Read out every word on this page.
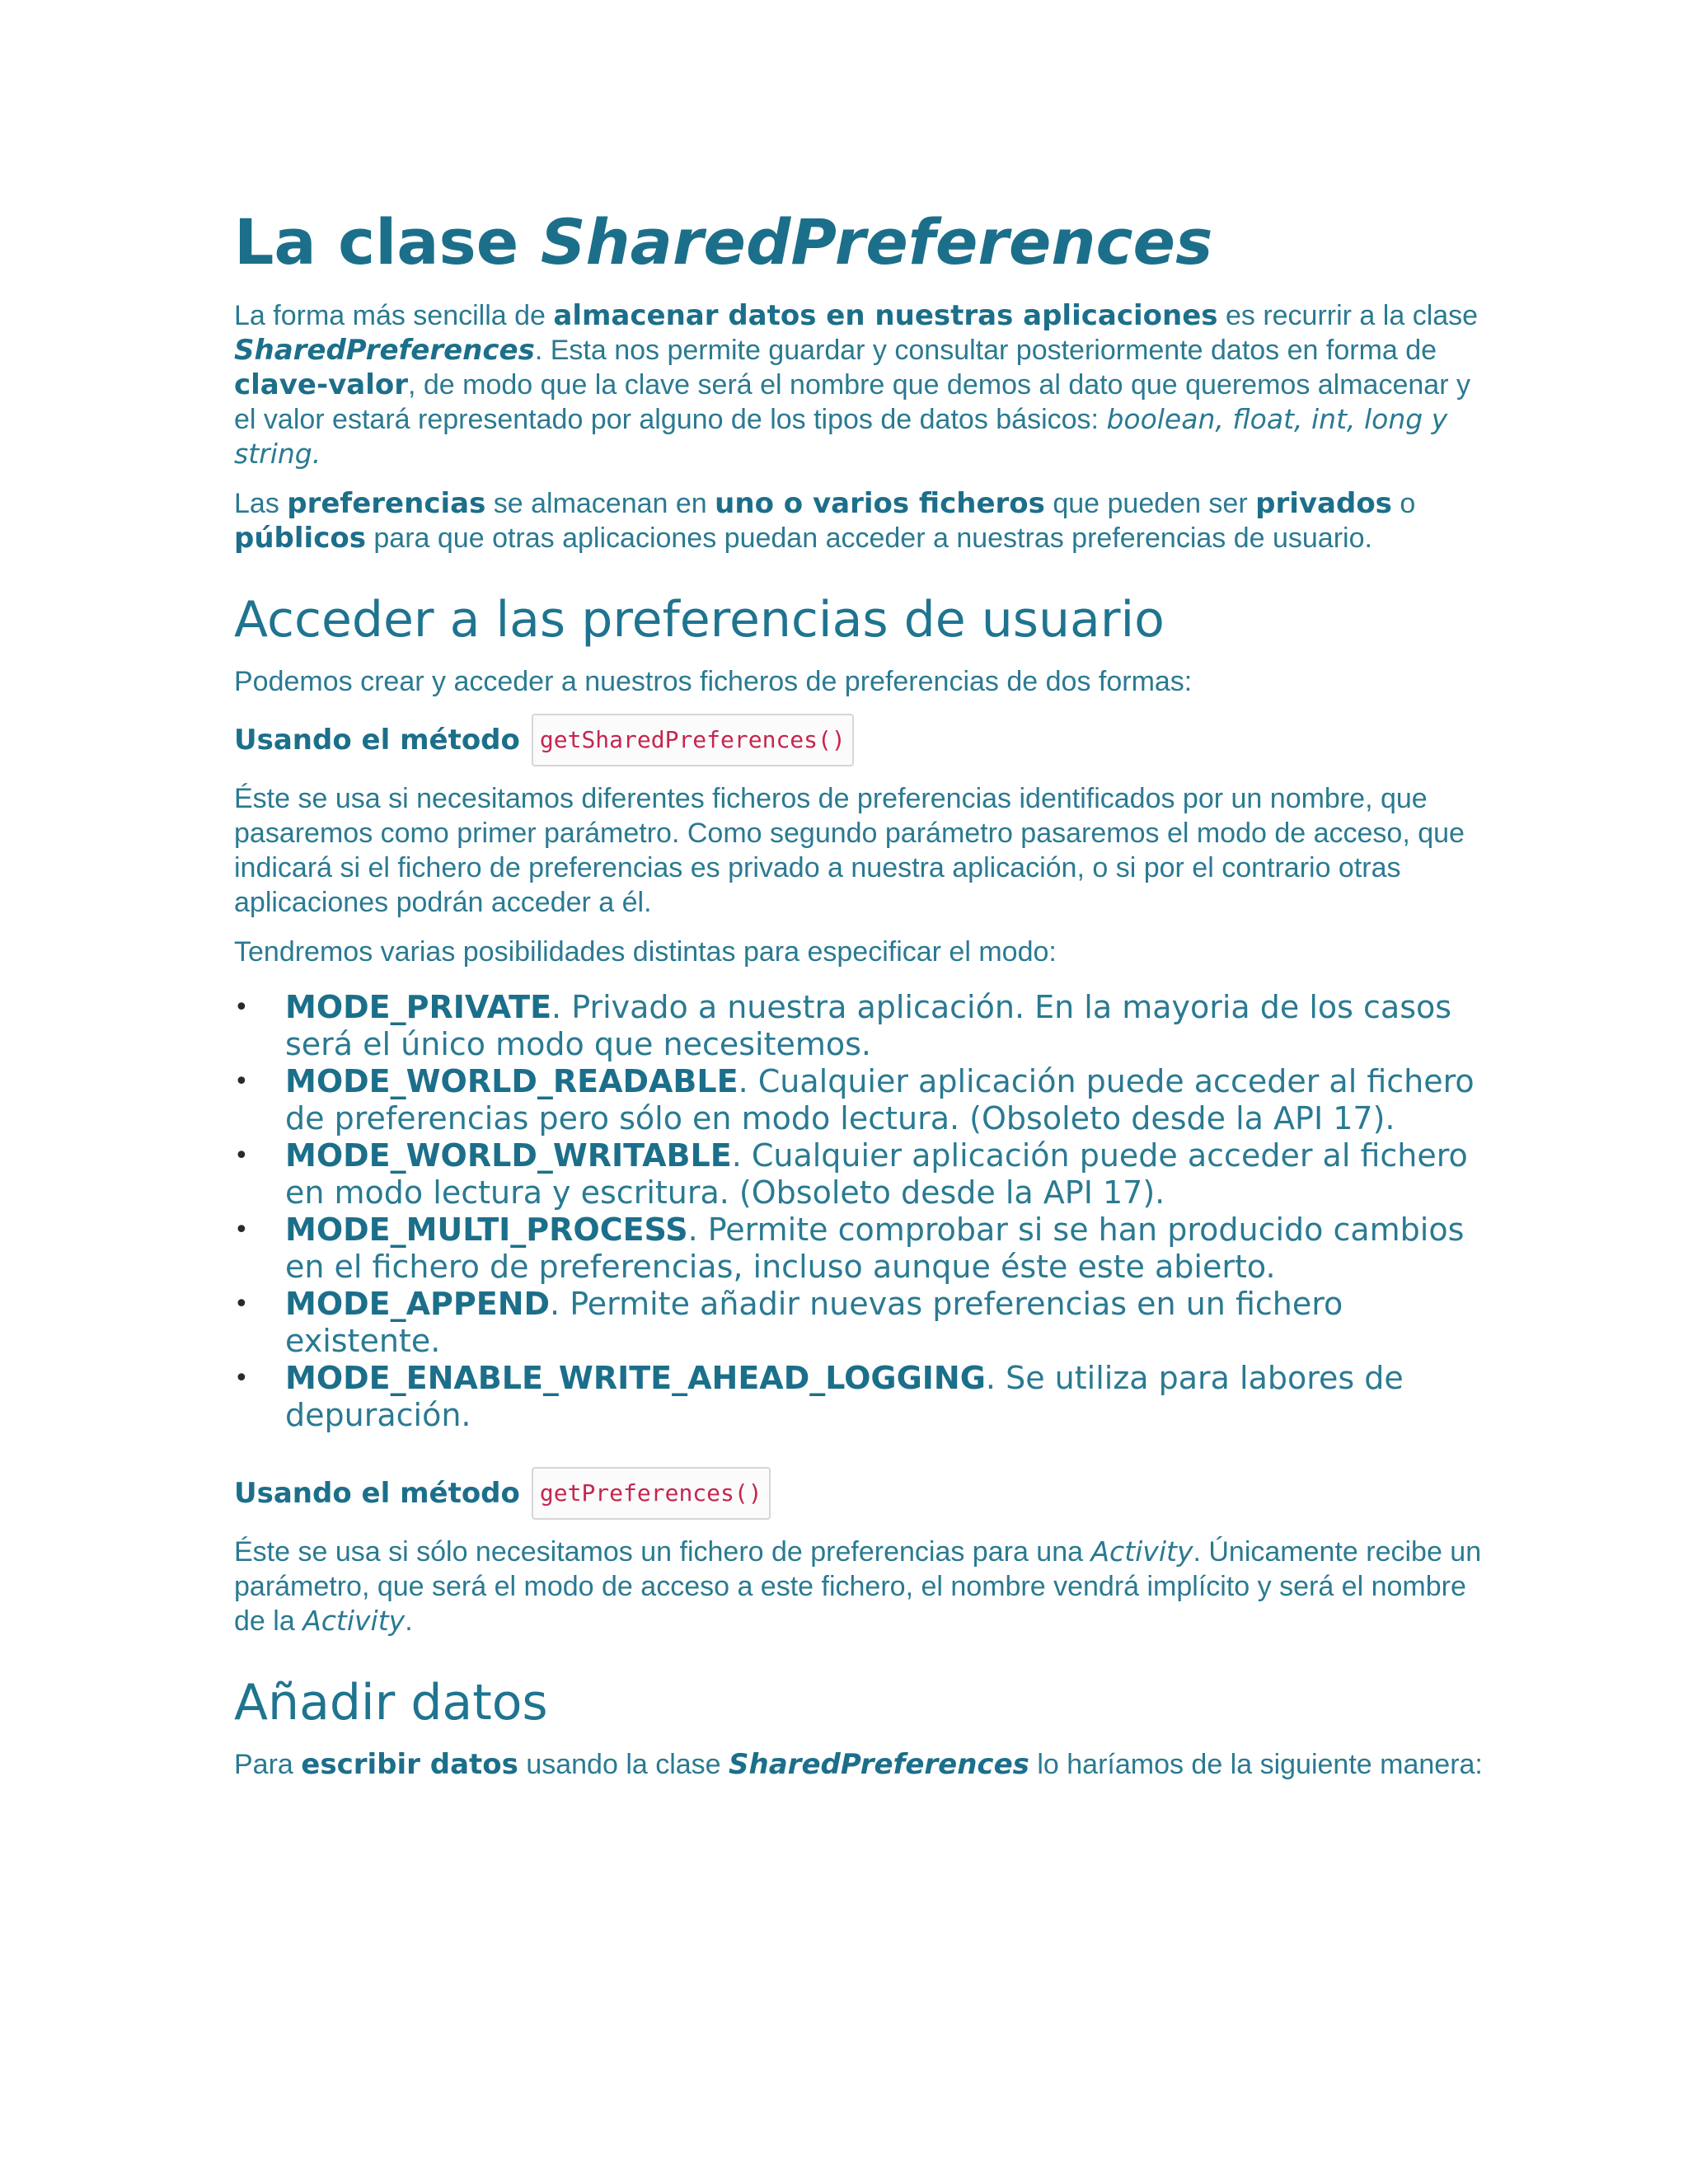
La clase SharedPreferences

La forma más sencilla de almacenar datos en nuestras aplicaciones es recurrir a la clase SharedPreferences. Esta nos permite guardar y consultar posteriormente datos en forma de clave-valor, de modo que la clave será el nombre que demos al dato que queremos almacenar y el valor estará representado por alguno de los tipos de datos básicos: boolean, float, int, long y string.

Las preferencias se almacenan en uno o varios ficheros que pueden ser privados o públicos para que otras aplicaciones puedan acceder a nuestras preferencias de usuario.

Acceder a las preferencias de usuario

Podemos crear y acceder a nuestros ficheros de preferencias de dos formas:

Usando el método getSharedPreferences()

Éste se usa si necesitamos diferentes ficheros de preferencias identificados por un nombre, que pasaremos como primer parámetro. Como segundo parámetro pasaremos el modo de acceso, que indicará si el fichero de preferencias es privado a nuestra aplicación, o si por el contrario otras aplicaciones podrán acceder a él.

Tendremos varias posibilidades distintas para especificar el modo:

• MODE_PRIVATE. Privado a nuestra aplicación. En la mayoria de los casos será el único modo que necesitemos.
• MODE_WORLD_READABLE. Cualquier aplicación puede acceder al fichero de preferencias pero sólo en modo lectura. (Obsoleto desde la API 17).
• MODE_WORLD_WRITABLE. Cualquier aplicación puede acceder al fichero en modo lectura y escritura. (Obsoleto desde la API 17).
• MODE_MULTI_PROCESS. Permite comprobar si se han producido cambios en el fichero de preferencias, incluso aunque éste este abierto.
• MODE_APPEND. Permite añadir nuevas preferencias en un fichero existente.
• MODE_ENABLE_WRITE_AHEAD_LOGGING. Se utiliza para labores de depuración.
Usando el método getPreferences()

Éste se usa si sólo necesitamos un fichero de preferencias para una Activity. Únicamente recibe un parámetro, que será el modo de acceso a este fichero, el nombre vendrá implícito y será el nombre de la Activity.

Añadir datos

Para escribir datos usando la clase SharedPreferences lo haríamos de la siguiente manera:
